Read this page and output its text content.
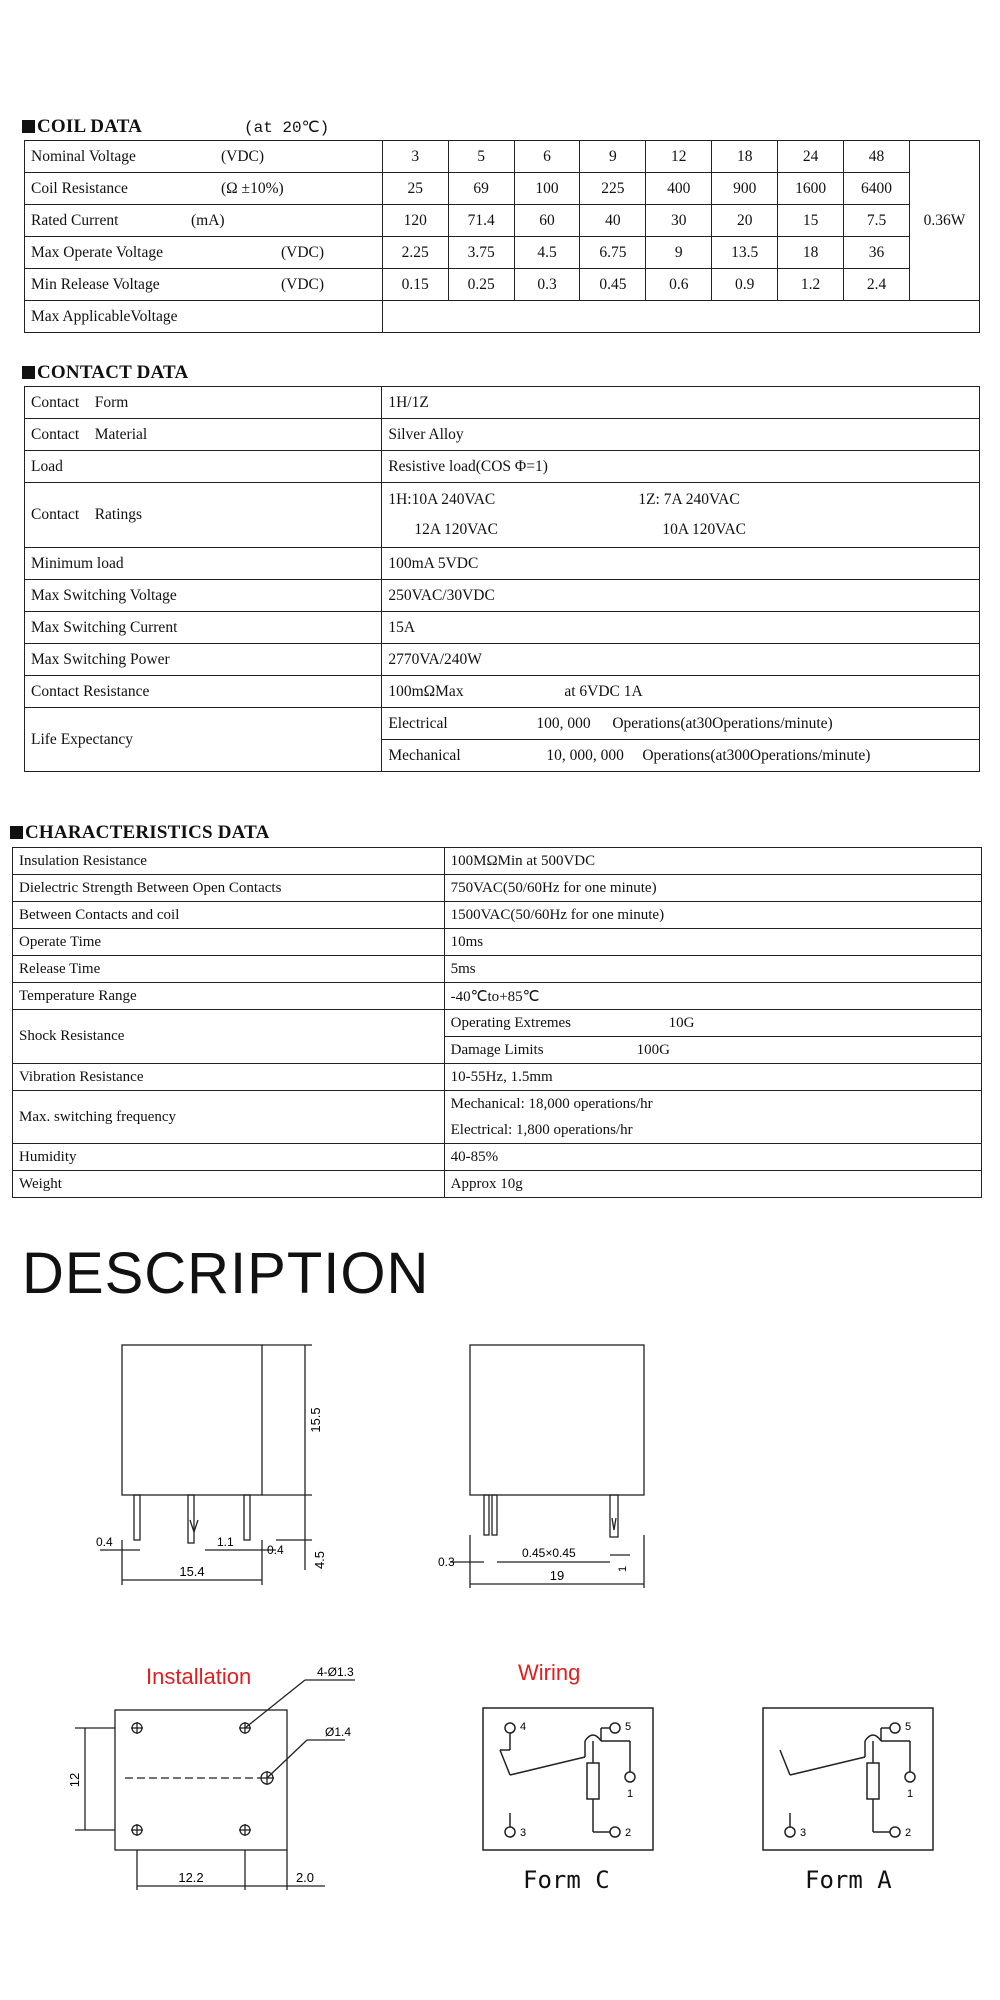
COIL DATA	(at 20℃)
Nominal Voltage (VDC)	3	5	6	9	12	18	24	48	0.36W

Coil Resistance (Ω ±10%)	25	69	100	225	400	900	1600	6400	

Rated Current (mA)	120	71.4	60	40	30	20	15	7.5	

Max Operate Voltage (VDC)	2.25	3.75	4.5	6.75	9	13.5	18	36	

Min Release Voltage (VDC)	0.15	0.25	0.3	0.45	0.6	0.9	1.2	2.4	
Max ApplicableVoltage									
CONTACT DATA
Contact    Form	1H/1Z
Contact    Material	Silver Alloy
Load	Resistive load(COS Φ=1)
Contact    Ratings	1H:10A 240VAC 1Z: 7A 240VAC
12A 120VAC 10A 120VAC

Minimum load	100mA 5VDC
Max Switching Voltage	250VAC/30VDC
Max Switching Current	15A
Max Switching Power	2770VA/240W
Contact Resistance	100mΩMax at 6VDC 1A
Life Expectancy	Electrical 100, 000 Operations(at30Operations/minute)
	Mechanical 10, 000, 000 Operations(at300Operations/minute)
CHARACTERISTICS DATA
Insulation Resistance	100MΩMin at 500VDC
Dielectric Strength Between Open Contacts	750VAC(50/60Hz for one minute)
Between Contacts and coil	1500VAC(50/60Hz for one minute)
Operate Time	10ms
Release Time	5ms
Temperature Range	-40℃to+85℃
Shock Resistance	Operating Extremes 10G
	Damage Limits 100G
Vibration Resistance	10-55Hz, 1.5mm
Max. switching frequency	Mechanical: 18,000 operations/hr
	Electrical: 1,800 operations/hr
Humidity	40-85%
Weight	Approx 10g
DESCRIPTION
15.5
4.5
0.4	1.1
0.4
15.4
0.3
0.45×0.45
1
19
Installation	4-Ø1.3
Ø1.4
12
12.2	2.0
Wiring
4	5
1
3	2
Form C
5
1
3	2
Form A
